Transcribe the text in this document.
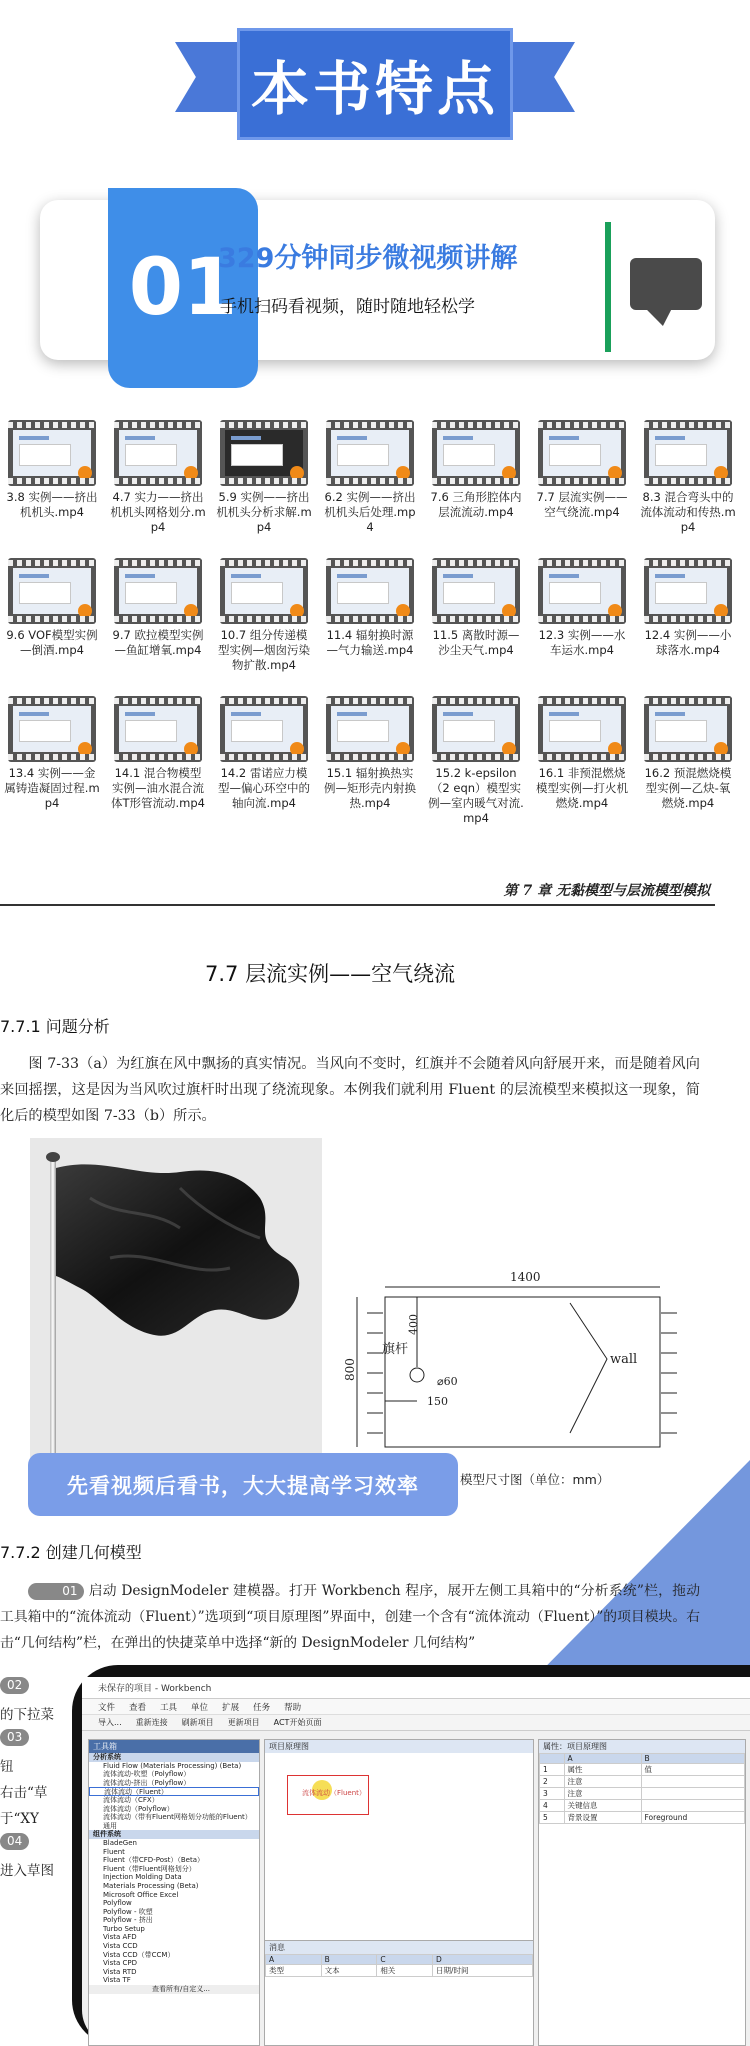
本书特点
01
329分钟同步微视频讲解
手机扫码看视频，随时随地轻松学
3.8 实例——挤出机机头.mp4
4.7 实力——挤出机机头网格划分.mp4
5.9 实例——挤出机机头分析求解.mp4
6.2 实例——挤出机机头后处理.mp4
7.6 三角形腔体内层流流动.mp4
7.7 层流实例——空气绕流.mp4
8.3 混合弯头中的流体流动和传热.mp4
9.6 VOF模型实例—倒酒.mp4
9.7 欧拉模型实例—鱼缸增氧.mp4
10.7 组分传递模型实例—烟囱污染物扩散.mp4
11.4 辐射换时源—气力输送.mp4
11.5 离散时源—沙尘天气.mp4
12.3 实例——水车运水.mp4
12.4 实例——小球落水.mp4
13.4 实例——金属铸造凝固过程.mp4
14.1 混合物模型实例—油水混合流体T形管流动.mp4
14.2 雷诺应力模型—偏心环空中的轴向流.mp4
15.1 辐射换热实例—矩形壳内射换热.mp4
15.2 k-epsilon（2 eqn）模型实例—室内暖气对流.mp4
16.1 非预混燃烧模型实例—打火机燃烧.mp4
16.2 预混燃烧模型实例—乙炔-氧燃烧.mp4
第 7 章 无黏模型与层流模型模拟
7.7 层流实例——空气绕流
7.7.1 问题分析

图 7-33（a）为红旗在风中飘扬的真实情况。当风向不变时，红旗并不会随着风向舒展开来，而是随着风向来回摇摆，这是因为当风吹过旗杆时出现了绕流现象。本例我们就利用 Fluent 的层流模型来模拟这一现象，简化后的模型如图 7-33（b）所示。

1400
800
400
旗杆
⌀60
150
wall
模型尺寸图（单位：mm）
先看视频后看书，大大提高学习效率
7.7.2 创建几何模型

01 启动 DesignModeler 建模器。打开 Workbench 程序，展开左侧工具箱中的“分析系统”栏，拖动工具箱中的“流体流动（Fluent）”选项到“项目原理图”界面中，创建一个含有“流体流动（Fluent）”的项目模块。右击“几何结构”栏，在弹出的快捷菜单中选择“新的 DesignModeler 几何结构”

02
的下拉菜
03
钮
右击“草
于“XY
04
进入草图
未保存的项目 - Workbench
文件 查看 工具 单位 扩展 任务 帮助
导入... 重新连接 刷新项目 更新项目 ACT开始页面
工具箱
分析系统
Fluid Flow (Materials Processing) (Beta)
流体流动-吹塑（Polyflow）
流体流动-挤出（Polyflow）
流体流动（Fluent）
流体流动（CFX）
流体流动（Polyflow）
流体流动（带有Fluent网格划分功能的Fluent）
通用
组件系统
BladeGen
Fluent
Fluent（带CFD-Post）（Beta）
Fluent（带Fluent网格划分）
Injection Molding Data
Materials Processing (Beta)
Microsoft Office Excel
Polyflow
Polyflow - 吹塑
Polyflow - 挤出
Turbo Setup
Vista AFD
Vista CCD
Vista CCD（带CCM）
Vista CPD
Vista RTD
Vista TF
查看所有/自定义...
项目原理图
流体流动（Fluent）
消息
A	B	C	D
类型	文本	相关	日期/时间
属性：项目原理图
	A	B
1	属性	值
2	注意	
3	注意	
4	关键信息	
5	背景设置	Foreground
